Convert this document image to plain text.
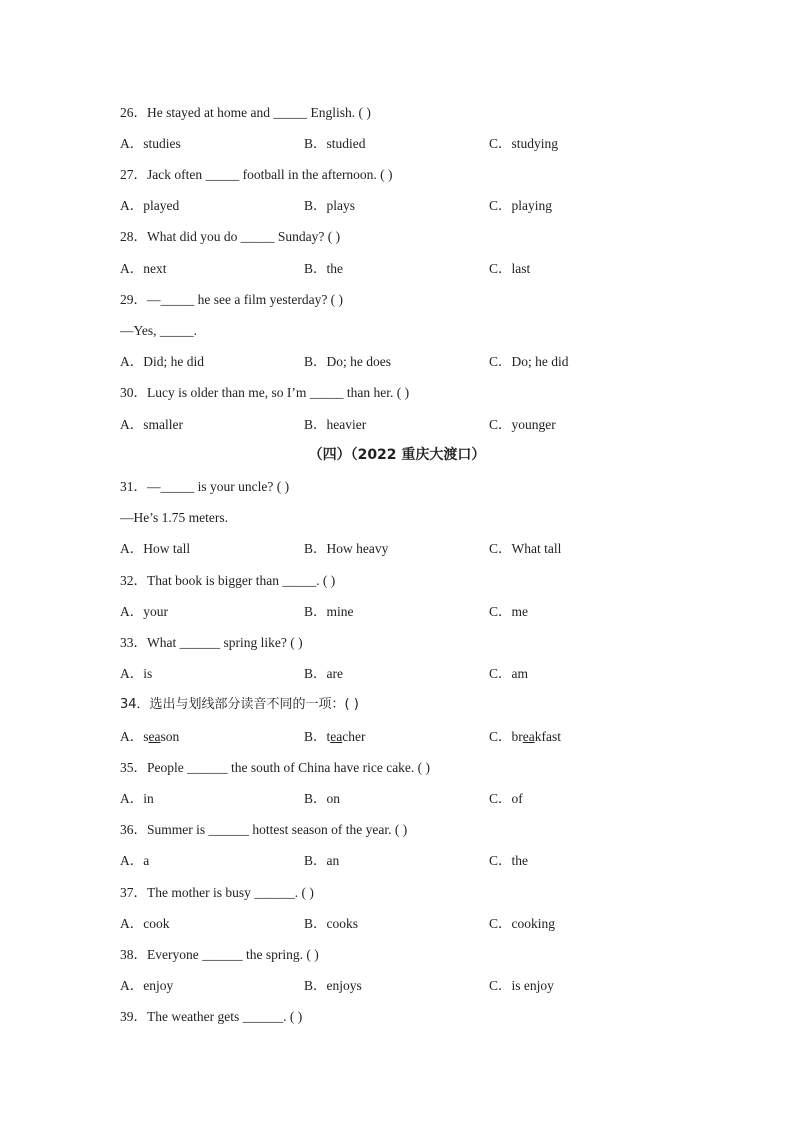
26．He stayed at home and _____ English. ( )
A．studies	B．studied	C．studying
27．Jack often _____ football in the afternoon. ( )
A．played	B．plays	C．playing
28．What did you do _____ Sunday? ( )
A．next	B．the	C．last
29．—_____ he see a film yesterday? ( )
—Yes, _____.
A．Did; he did	B．Do; he does	C．Do; he did
30．Lucy is older than me, so I’m _____ than her. ( )
A．smaller	B．heavier	C．younger
（四）（2022 重庆大渡口）
31．—_____ is your uncle? ( )
—He’s 1.75 meters.
A．How tall	B．How heavy	C．What tall
32．That book is bigger than _____. ( )
A．your	B．mine	C．me
33．What ______ spring like? ( )
A．is	B．are	C．am
34．选出与划线部分读音不同的一项：( )
A．season	B．teacher	C．breakfast
35．People ______ the south of China have rice cake. ( )
A．in	B．on	C．of
36．Summer is ______ hottest season of the year. ( )
A．a	B．an	C．the
37．The mother is busy ______. ( )
A．cook	B．cooks	C．cooking
38．Everyone ______ the spring. ( )
A．enjoy	B．enjoys	C．is enjoy
39．The weather gets ______. ( )
